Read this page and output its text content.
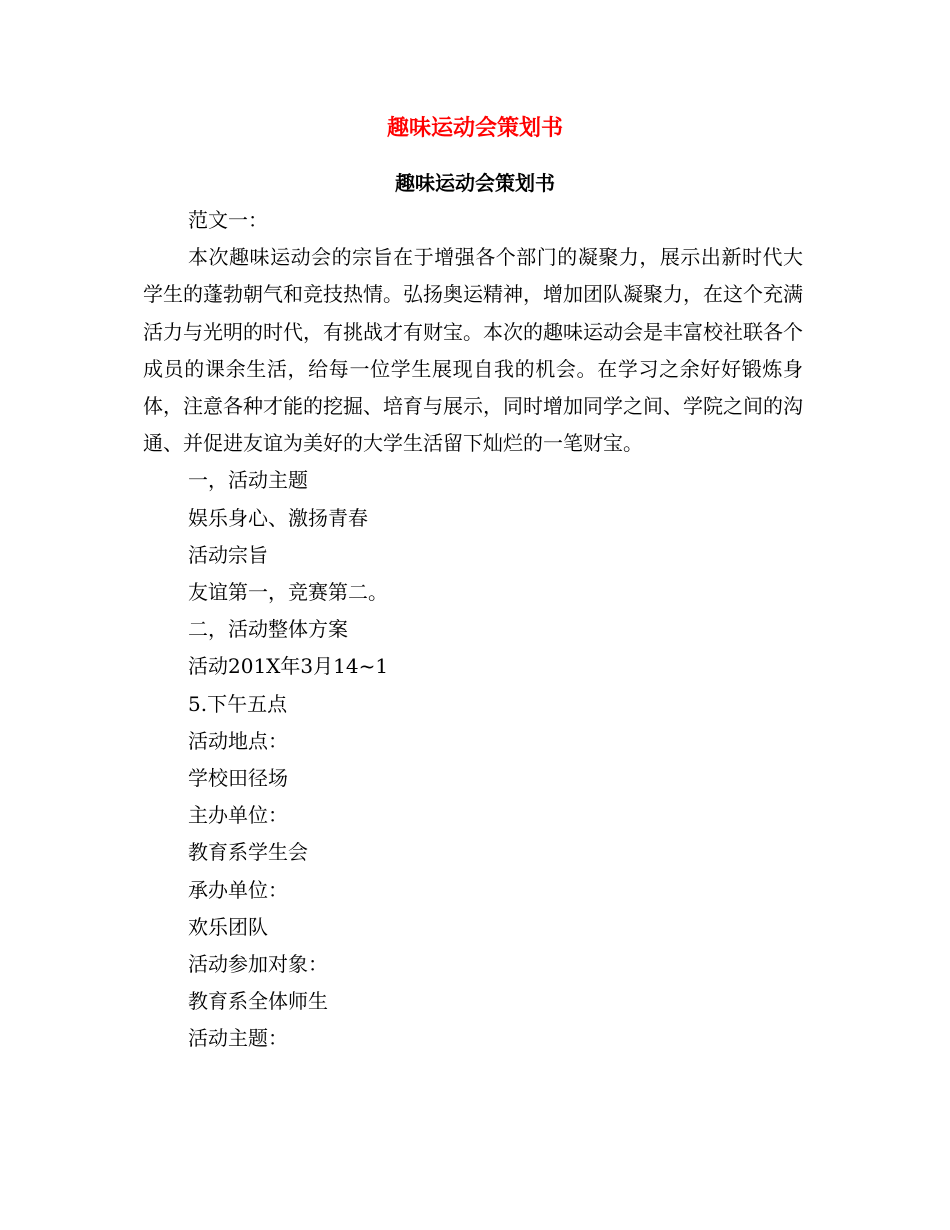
趣味运动会策划书
趣味运动会策划书

范文一：

本次趣味运动会的宗旨在于增强各个部门的凝聚力，展示出新时代大学生的蓬勃朝气和竞技热情。弘扬奥运精神，增加团队凝聚力，在这个充满活力与光明的时代，有挑战才有财宝。本次的趣味运动会是丰富校社联各个成员的课余生活，给每一位学生展现自我的机会。在学习之余好好锻炼身体，注意各种才能的挖掘、培育与展示，同时增加同学之间、学院之间的沟通、并促进友谊为美好的大学生活留下灿烂的一笔财宝。

一，活动主题

娱乐身心、激扬青春

活动宗旨

友谊第一，竞赛第二。

二，活动整体方案

活动201X年3月14~1

5.下午五点

活动地点：

学校田径场

主办单位：

教育系学生会

承办单位：

欢乐团队

活动参加对象：

教育系全体师生

活动主题：
